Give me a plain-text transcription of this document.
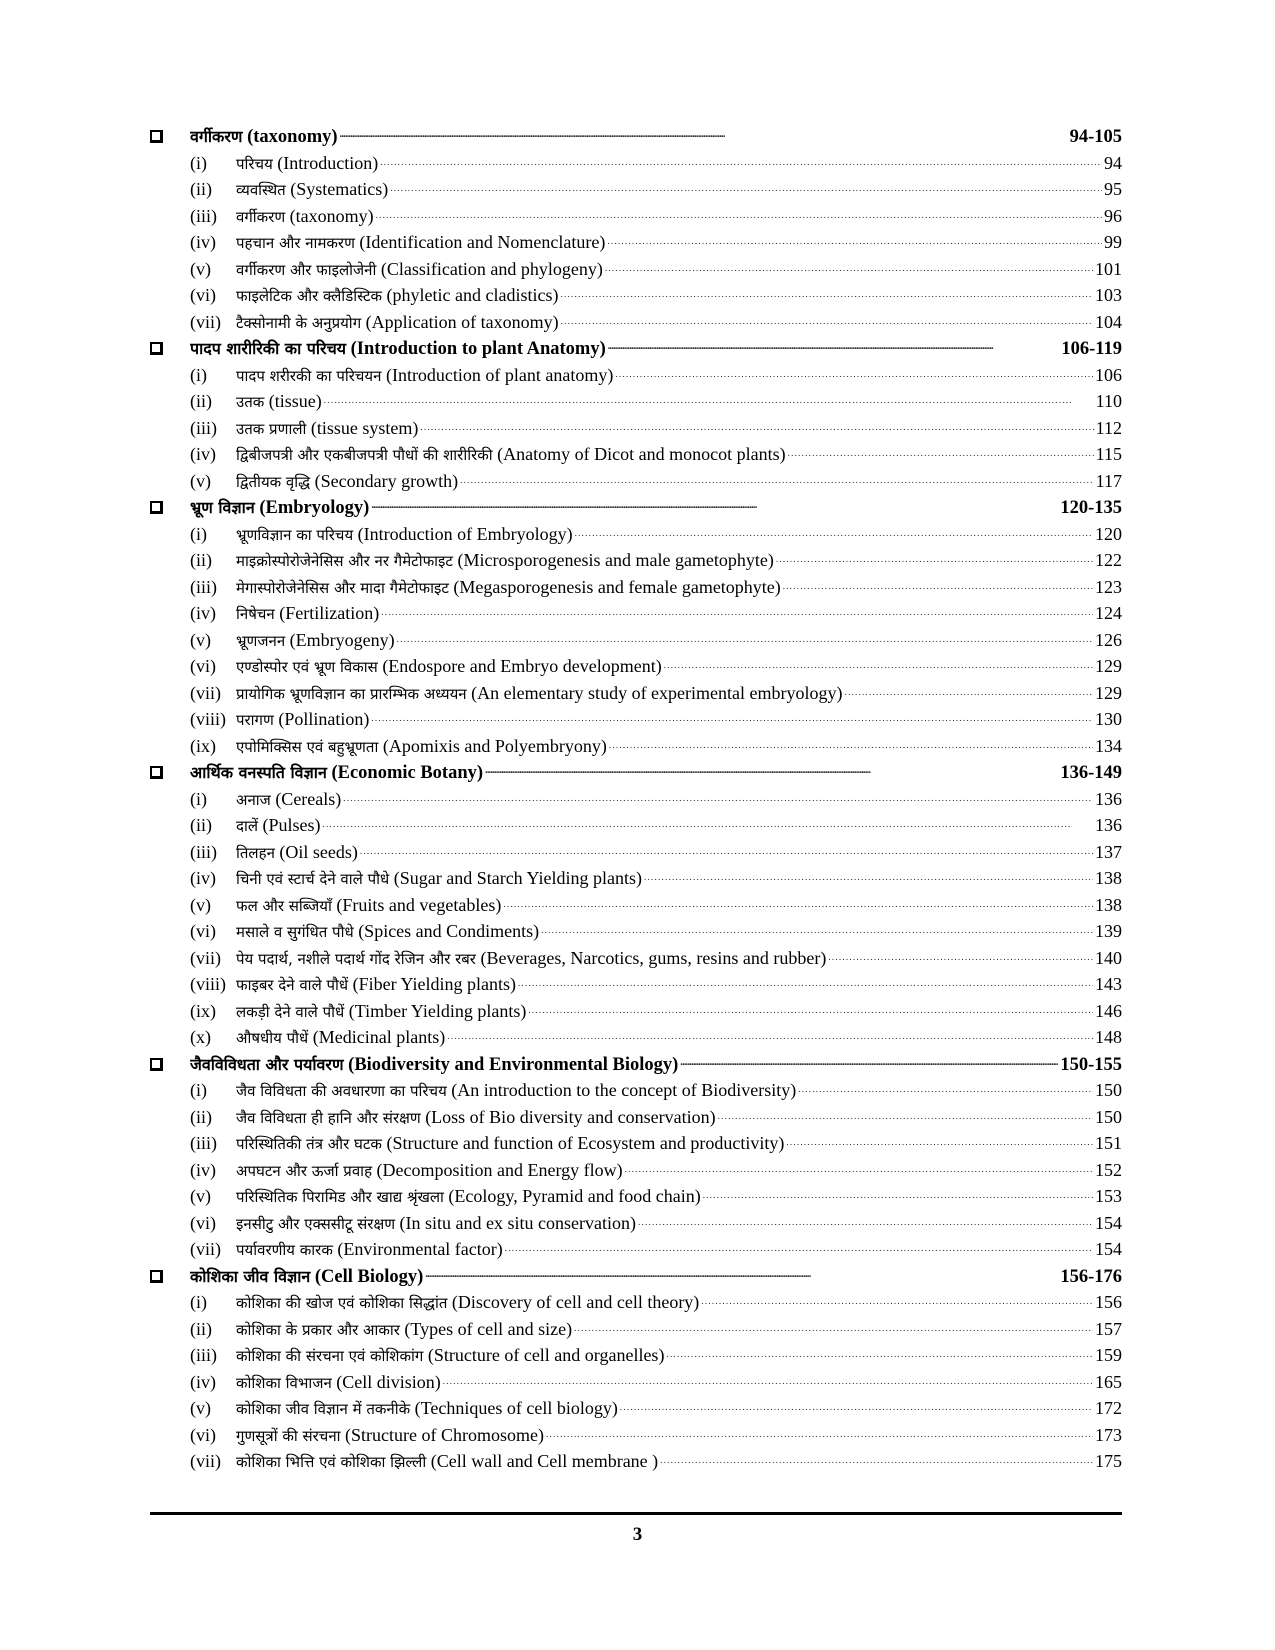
वर्गीकरण (taxonomy) . . .	94-105
(i)	परिचय (Introduction) . . .	94
(ii)	व्यवस्थित (Systematics) . . .	95
(iii)	वर्गीकरण (taxonomy) . . .	96
(iv)	पहचान और नामकरण (Identification and Nomenclature) . . .	99
(v)	वर्गीकरण और फाइलोजेनी (Classification and phylogeny) . . .	101
(vi)	फाइलेटिक और क्लैडिस्टिक (phyletic and cladistics) . . .	103
(vii)	टैक्सोनामी के अनुप्रयोग (Application of taxonomy) . . .	104
पादप शारीरिकी का परिचय (Introduction to plant Anatomy) . . .	106-119
(i)	पादप शरीरकी का परिचयन (Introduction of plant anatomy) . . .	106
(ii)	उतक (tissue) . . .	110
(iii)	उतक प्रणाली (tissue system) . . .	112
(iv)	द्विबीजपत्री और एकबीजपत्री पौधों की शारीरिकी (Anatomy of Dicot and monocot plants) . . .	115
(v)	द्वितीयक वृद्धि (Secondary growth) . . .	117
भ्रूण विज्ञान (Embryology) . . .	120-135
(i)	भ्रूणविज्ञान का परिचय (Introduction of Embryology) . . .	120
(ii)	माइक्रोस्पोरोजेनेसिस और नर गैमेटोफाइट (Microsporogenesis and male gametophyte) . . .	122
(iii)	मेगास्पोरोजेनेसिस और मादा गैमेटोफाइट (Megasporogenesis and female gametophyte) . . .	123
(iv)	निषेचन (Fertilization) . . .	124
(v)	भ्रूणजनन (Embryogeny) . . .	126
(vi)	एण्डोस्पोर एवं भ्रूण विकास (Endospore and Embryo development) . . .	129
(vii)	प्रायोगिक भ्रूणविज्ञान का प्रारम्भिक अध्ययन (An elementary study of experimental embryology) . . .	129
(viii) परागण (Pollination) . . .	130
(ix)	एपोमिक्सिस एवं बहुभ्रूणता (Apomixis and Polyembryony) . . .	134
आर्थिक वनस्पति विज्ञान (Economic Botany) . . .	136-149
(i)	अनाज (Cereals) . . .	136
(ii)	दालें (Pulses) . . .	136
(iii)	तिलहन (Oil seeds) . . .	137
(iv)	चिनी एवं स्टार्च देने वाले पौधे (Sugar and Starch Yielding plants) . . .	138
(v)	फल और सब्जियाँ (Fruits and vegetables) . . .	138
(vi)	मसाले व सुगंधित पौधे (Spices and Condiments) . . .	139
(vii)	पेय पदार्थ, नशीले पदार्थ गोंद रेजिन और रबर (Beverages, Narcotics, gums, resins and rubber) . . .	140
(viii) फाइबर देने वाले पौधें (Fiber Yielding plants) . . .	143
(ix)	लकड़ी देने वाले पौधें (Timber Yielding plants) . . .	146
(x)	औषधीय पौधें (Medicinal plants) . . .	148
जैवविविधता और पर्यावरण (Biodiversity and Environmental Biology) . . .	150-155
(i)	जैव विविधता की अवधारणा का परिचय (An introduction to the concept of Biodiversity) . . .	150
(ii)	जैव विविधता ही हानि और संरक्षण (Loss of Bio diversity and conservation) . . .	150
(iii)	परिस्थितिकी तंत्र और घटक (Structure and function of Ecosystem and productivity) . . .	151
(iv)	अपघटन और ऊर्जा प्रवाह (Decomposition and Energy flow) . . .	152
(v)	परिस्थितिक पिरामिड और खाद्य श्रृंखला (Ecology, Pyramid and food chain) . . .	153
(vi)	इनसीटु और एक्ससीटू संरक्षण (In situ and ex situ conservation) . . .	154
(vii)	पर्यावरणीय कारक (Environmental factor) . . .	154
कोशिका जीव विज्ञान (Cell Biology) . . .	156-176
(i)	कोशिका की खोज एवं कोशिका सिद्धांत (Discovery of cell and cell theory) . . .	156
(ii)	कोशिका के प्रकार और आकार (Types of cell and size) . . .	157
(iii)	कोशिका की संरचना एवं कोशिकांग (Structure of cell and organelles) . . .	159
(iv)	कोशिका विभाजन (Cell division) . . .	165
(v)	कोशिका जीव विज्ञान में तकनीके (Techniques of cell biology) . . .	172
(vi)	गुणसूत्रों की संरचना (Structure of Chromosome) . . .	173
(vii)	कोशिका भित्ति एवं कोशिका झिल्ली (Cell wall and Cell membrane ) . . .	175
3
